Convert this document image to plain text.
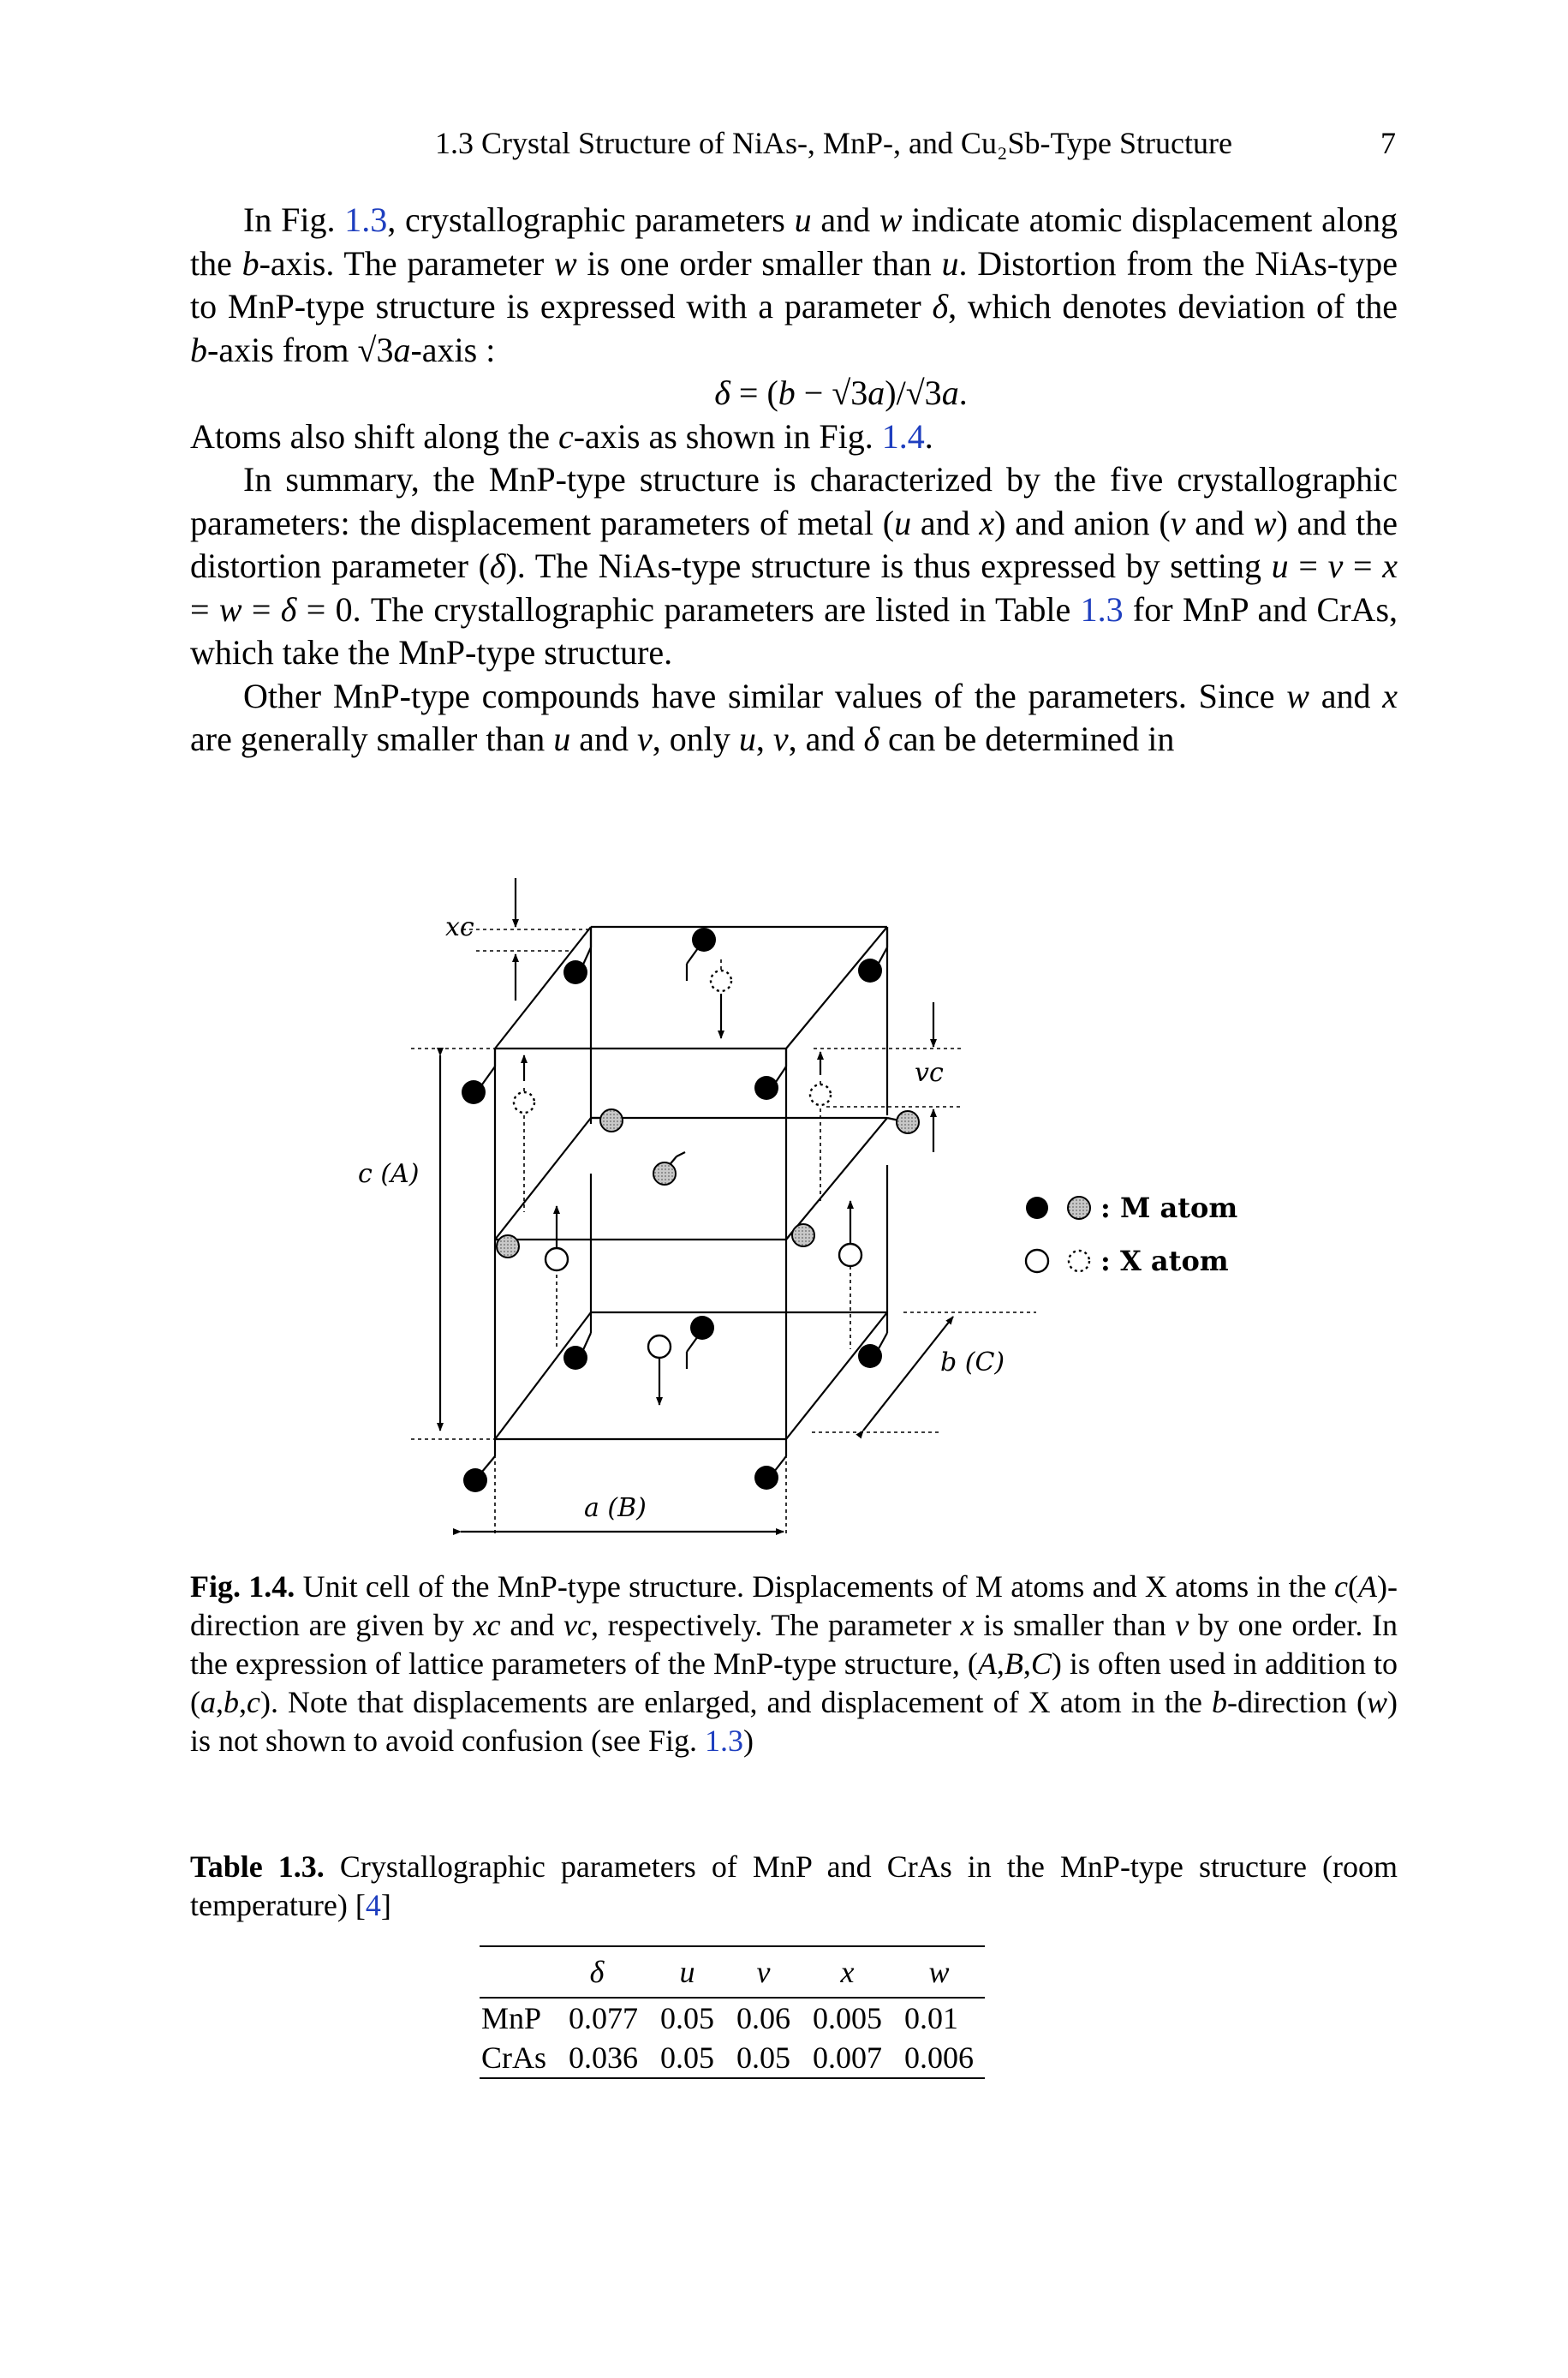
1.3 Crystal Structure of NiAs-, MnP-, and Cu₂Sb-Type Structure	7

In Fig. 1.3, crystallographic parameters u and w indicate atomic displacement along the b-axis. The parameter w is one order smaller than u. Distortion from the NiAs-type to MnP-type structure is expressed with a parameter δ, which denotes deviation of the b-axis from √3a-axis :

δ = (b − √3a)/√3a.

Atoms also shift along the c-axis as shown in Fig. 1.4.

In summary, the MnP-type structure is characterized by the five crystallographic parameters: the displacement parameters of metal (u and x) and anion (v and w) and the distortion parameter (δ). The NiAs-type structure is thus expressed by setting u = v = x = w = δ = 0. The crystallographic parameters are listed in Table 1.3 for MnP and CrAs, which take the MnP-type structure.

Other MnP-type compounds have similar values of the parameters. Since w and x are generally smaller than u and v, only u, v, and δ can be determined in

xc
vc
c (A)
a (B)
b (C)
: M atom
: X atom
Fig. 1.4. Unit cell of the MnP-type structure. Displacements of M atoms and X atoms in the c(A)-direction are given by xc and vc, respectively. The parameter x is smaller than v by one order. In the expression of lattice parameters of the MnP-type structure, (A,B,C) is often used in addition to (a,b,c). Note that displacements are enlarged, and displacement of X atom in the b-direction (w) is not shown to avoid confusion (see Fig. 1.3)
Table 1.3. Crystallographic parameters of MnP and CrAs in the MnP-type structure (room temperature) [4]
	δ	u	v	x	w
MnP	0.077	0.05	0.06	0.005	0.01
CrAs	0.036	0.05	0.05	0.007	0.006
